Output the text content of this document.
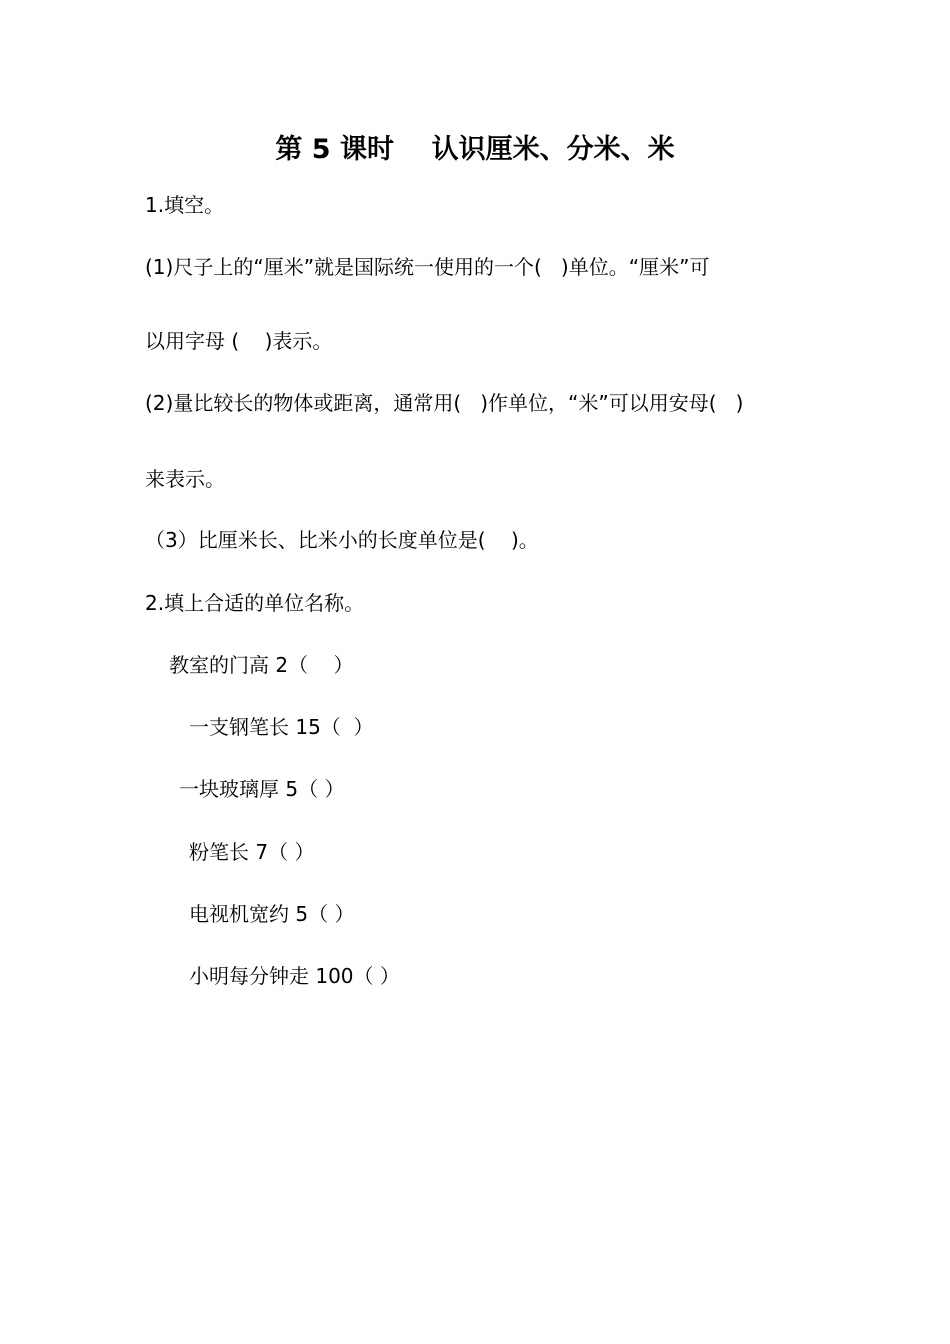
第 5 课时    认识厘米、分米、米
1.填空。
(1)尺子上的“厘米”就是国际统一使用的一个(   )单位。“厘米”可
以用字母 (    )表示。
(2)量比较长的物体或距离，通常用(   )作单位，“米”可以用安母(   )
来表示。
（3）比厘米长、比米小的长度单位是(    )。
2.填上合适的单位名称。
教室的门高 2（    ）
一支钢笔长 15（  ）
一块玻璃厚 5（ ）
粉笔长 7（ ）
电视机宽约 5（ ）
小明每分钟走 100（ ）
